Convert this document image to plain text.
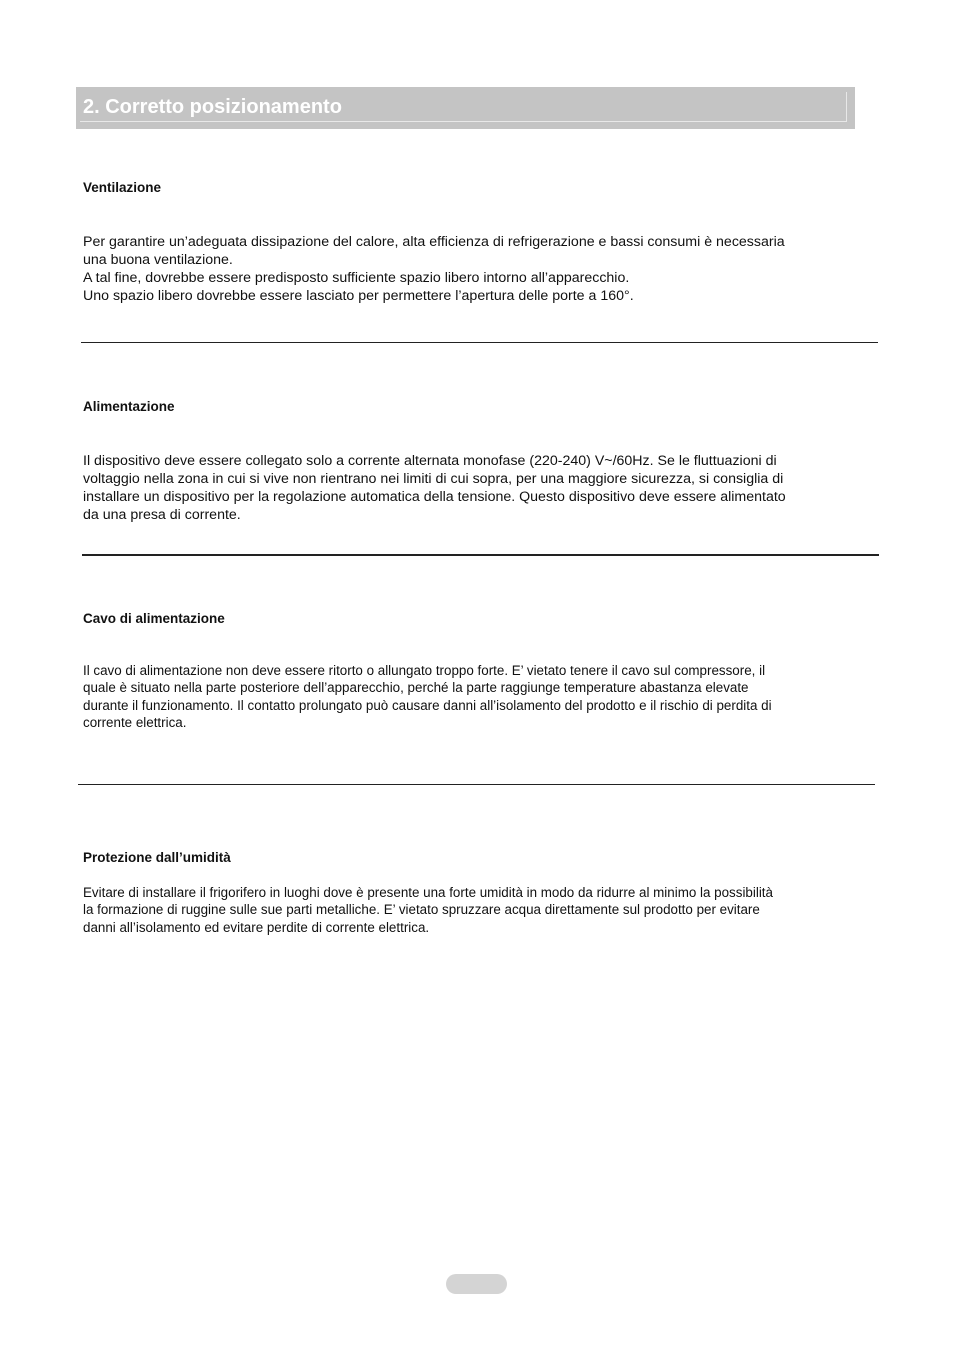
2. Corretto posizionamento
Ventilazione
Per garantire un’adeguata dissipazione del calore, alta efficienza di refrigerazione e bassi consumi è necessaria
una buona ventilazione.
A tal fine, dovrebbe essere predisposto sufficiente spazio libero intorno all’apparecchio.
Uno spazio libero dovrebbe essere lasciato per permettere l’apertura delle porte a 160°.
Alimentazione
Il dispositivo deve essere collegato solo a corrente alternata monofase (220-240) V~/60Hz. Se le fluttuazioni di
voltaggio nella zona in cui si vive non rientrano nei limiti di cui sopra, per una maggiore sicurezza, si consiglia di
installare un dispositivo per la regolazione automatica della tensione. Questo dispositivo deve essere alimentato
da una presa di corrente.
Cavo di alimentazione
Il cavo di alimentazione non deve essere ritorto o allungato troppo forte. E’ vietato tenere il cavo sul compressore, il
quale è situato nella parte posteriore dell’apparecchio, perché la parte raggiunge temperature abastanza elevate
durante il funzionamento. Il contatto prolungato può causare danni all’isolamento del prodotto e il rischio di perdita di
corrente elettrica.
Protezione dall’umidità
Evitare di installare il frigorifero in luoghi dove è presente una forte umidità in modo da ridurre al minimo la possibilità
la formazione di ruggine sulle sue parti metalliche. E’ vietato spruzzare acqua direttamente sul prodotto per evitare
danni all’isolamento ed evitare perdite di corrente elettrica.
